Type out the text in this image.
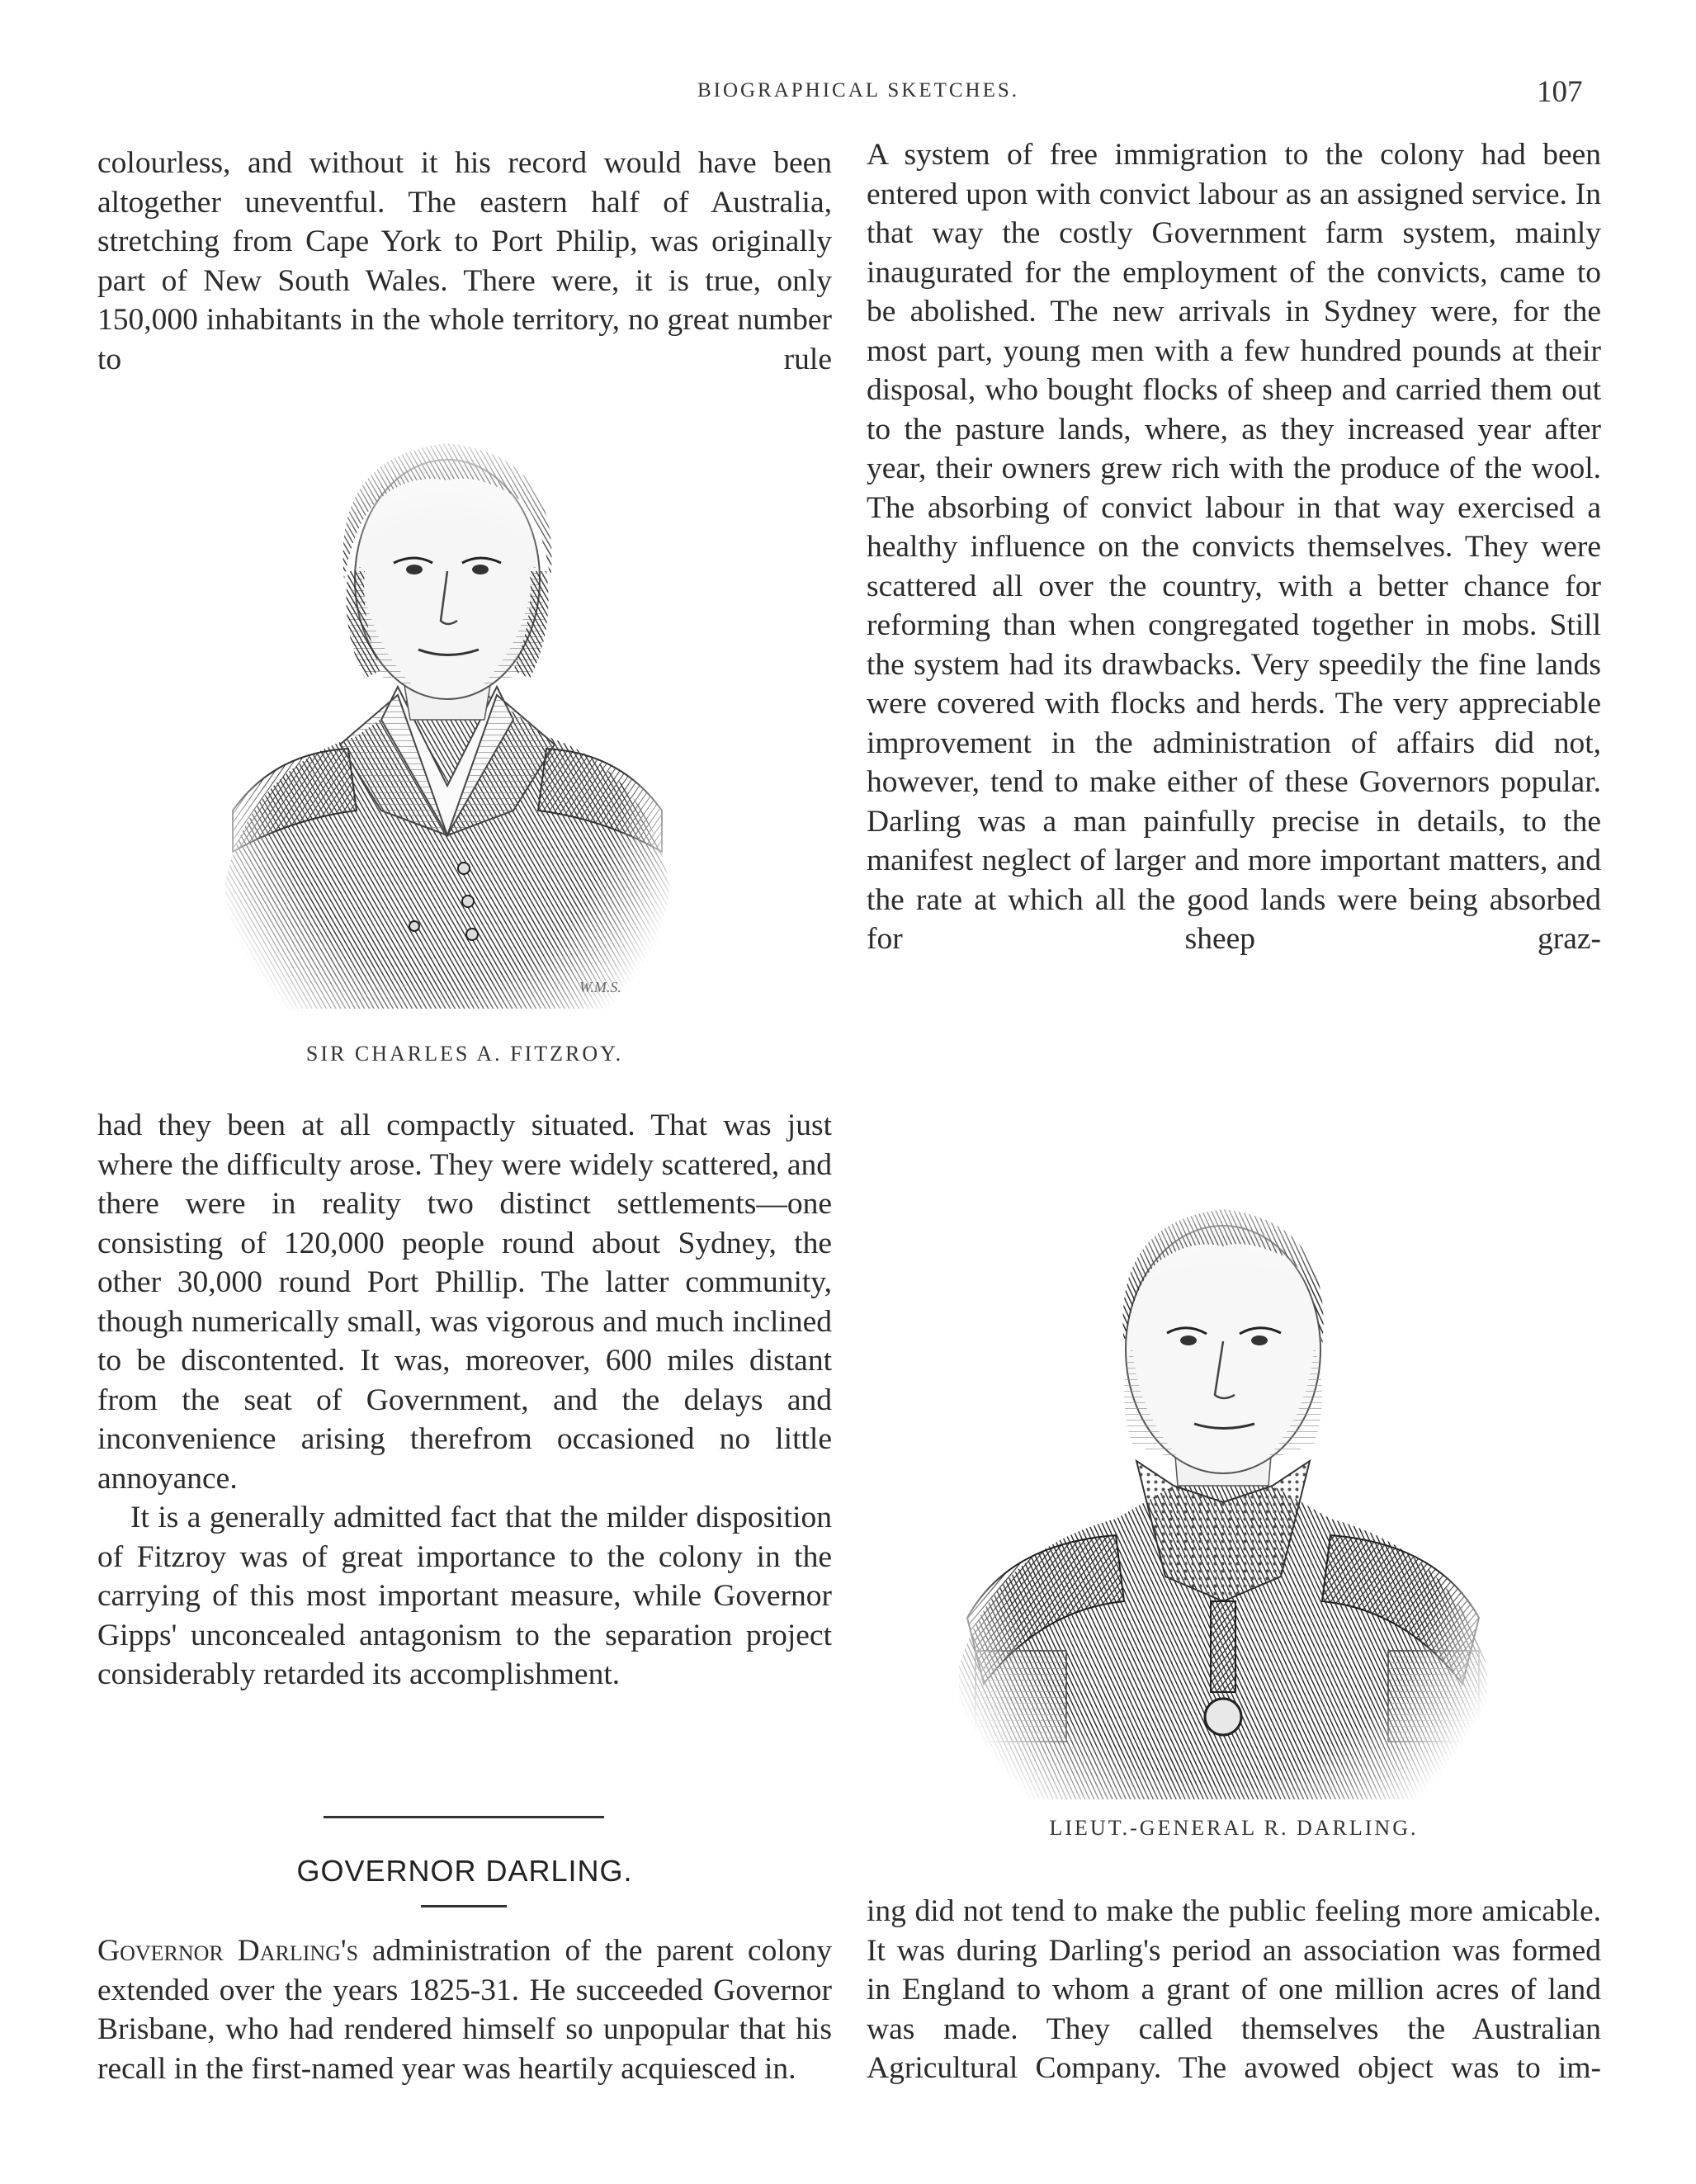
BIOGRAPHICAL SKETCHES.	107

colourless, and without it his record would have been altogether uneventful. The eastern half of Australia, stretching from Cape York to Port Philip, was originally part of New South Wales. There were, it is true, only 150,000 inhabitants in the whole territory, no great number to rule

W.M.S.
SIR CHARLES A. FITZROY.

had they been at all compactly situated. That was just where the difficulty arose. They were widely scattered, and there were in reality two distinct settlements—one consisting of 120,000 people round about Sydney, the other 30,000 round Port Phillip. The latter community, though numerically small, was vigorous and much inclined to be discontented. It was, moreover, 600 miles distant from the seat of Government, and the delays and inconvenience arising therefrom occasioned no little annoyance.

It is a generally admitted fact that the milder disposition of Fitzroy was of great importance to the colony in the carrying of this most important measure, while Governor Gipps' unconcealed antagonism to the separation project considerably retarded its accomplishment.

GOVERNOR DARLING.

Governor Darling's administration of the parent colony extended over the years 1825-31. He succeeded Governor Brisbane, who had rendered himself so unpopular that his recall in the first-named year was heartily acquiesced in.

A system of free immigration to the colony had been entered upon with convict labour as an assigned service. In that way the costly Government farm system, mainly inaugurated for the employment of the convicts, came to be abolished. The new arrivals in Sydney were, for the most part, young men with a few hundred pounds at their disposal, who bought flocks of sheep and carried them out to the pasture lands, where, as they increased year after year, their owners grew rich with the produce of the wool. The absorbing of convict labour in that way exercised a healthy influence on the convicts themselves. They were scattered all over the country, with a better chance for reforming than when congregated together in mobs. Still the system had its drawbacks. Very speedily the fine lands were covered with flocks and herds. The very appreciable improvement in the administration of affairs did not, however, tend to make either of these Governors popular. Darling was a man painfully precise in details, to the manifest neglect of larger and more important matters, and the rate at which all the good lands were being absorbed for sheep graz-

LIEUT.-GENERAL R. DARLING.

ing did not tend to make the public feeling more amicable. It was during Darling's period an association was formed in England to whom a grant of one million acres of land was made. They called themselves the Australian Agricultural Company. The avowed object was to im-
